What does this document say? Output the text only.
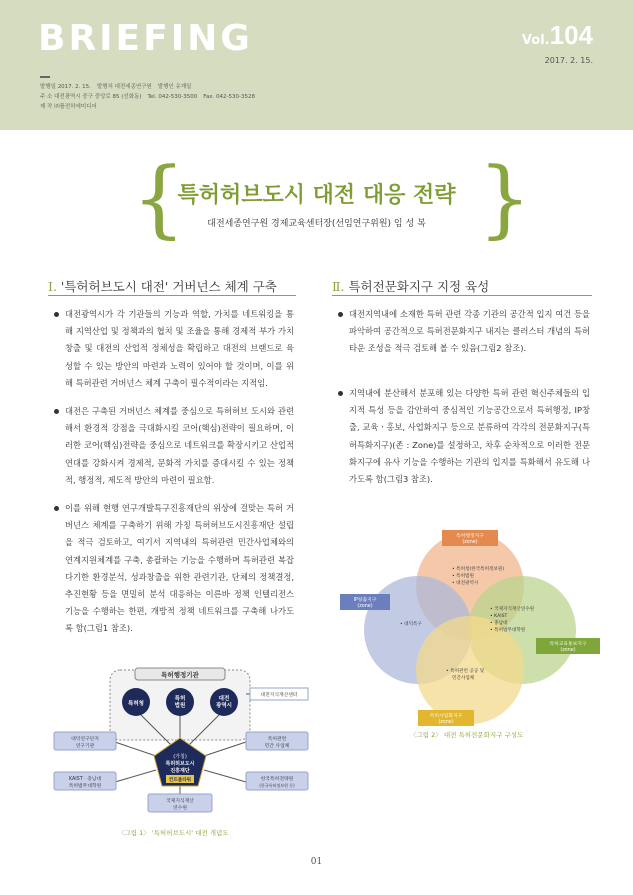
BRIEFING	Vol.104
2017. 2. 15.
발행일 2017. 2. 15. 발행처 대전세종연구원 발행인 유재일
주 소 대전광역시 중구 중앙로 85 (선화동) Tel. 042-530-3500 Fax. 042-530-3528
제 작 ㈜플전하에미디어
{	}
특허허브도시 대전 대응 전략
대전세종연구원 경제교육센터장(선임연구위원) 임 성 복
Ⅰ. '특허허브도시 대전' 거버넌스 체계 구축
대전광역시가 각 기관들의 기능과 역할, 가치를 네트워킹을 통해 지역산업 및 정책과의 협치 및 조율을 통해 경제적 부가 가치 창출 및 대전의 산업적 정체성을 확립하고 대전의 브랜드로 육성할 수 있는 방안의 마련과 노력이 있어야 할 것이며, 이를 위해 특허관련 거버넌스 체계 구축이 필수적이라는 지적임.
대전은 구축된 거버넌스 체계를 중심으로 특허허브 도시와 관련해서 환경적 강점을 극대화시킬 코어(핵심)전략이 필요하며, 이러한 코어(핵심)전략을 중심으로 네트워크를 확장시키고 산업적 연대를 강화시켜 경제적, 문화적 가치를 증대시킬 수 있는 정책적, 행정적, 제도적 방안의 마련이 필요함.
이를 위해 현행 연구개발특구진흥재단의 위상에 걸맞는 특허 거버넌스 체계를 구축하기 위해 가칭 특허허브도시진흥재단 설립을 적극 검토하고, 여기서 지역내의 특허관련 민간사업체와의 연계지원체계를 구축, 총괄하는 기능을 수행하며 특허관련 복잡다기한 환경분석, 성과창출을 위한 관련기관, 단체의 정책결정, 추진현황 등을 면밀히 분석 대응하는 이른바 정책 인텔리전스 기능을 수행하는 한편, 개방적 정책 네트워크를 구축해 나가도록 함(그림1 참조).
Ⅱ. 특허전문화지구 지정 육성
대전지역내에 소재한 특허 관련 각종 기관의 공간적 입지 여건 등을 파악하여 공간적으로 특허전문화지구 내지는 클러스터 개념의 특허타운 조성을 적극 검토해 볼 수 있음(그림2 참조).
지역내에 분산해서 분포해 있는 다양한 특허 관련 혁신주체들의 입지적 특성 등을 감안하여 중심적인 기능공간으로서 특허행정, IP창출, 교육ㆍ홍보, 사업화지구 등으로 분류하여 각각의 전문화지구(특허특화지구)(존 : Zone)를 설정하고, 차후 순차적으로 이러한 전문화지구에 유사 기능을 수행하는 기관의 입지를 특화해서 유도해 나가도록 함(그림3 참조).
특허행정기관
특허청
특허
법원
대전
광역시
대전지식재산센터
(가칭)
특허허브도시
진흥재단
컨트롤타워
대덕연구단지
연구기관
KAIST · 충남대
특허법무대학원
특허관련
민간 사업체
한국특허전략원
(한국특허정보원 등)
국제지식재산
연수원
〈그림 1〉 '특허허브도시' 대전 개념도
특허행정지구
(zone)
IP창출지구
(zone)
특허교육홍보지구
(zone)
특허사업화지구
(zone)
• 특허청(한국특허정보원)
• 특허법원
• 대전광역시
• 대덕특구
• 국제지식재산연수원
• KAIST
• 충남대
• 특허법무대학원
• 특허관련 공공 및
민간사업체
〈그림 2〉 대전 특허전문화지구 구성도
01
